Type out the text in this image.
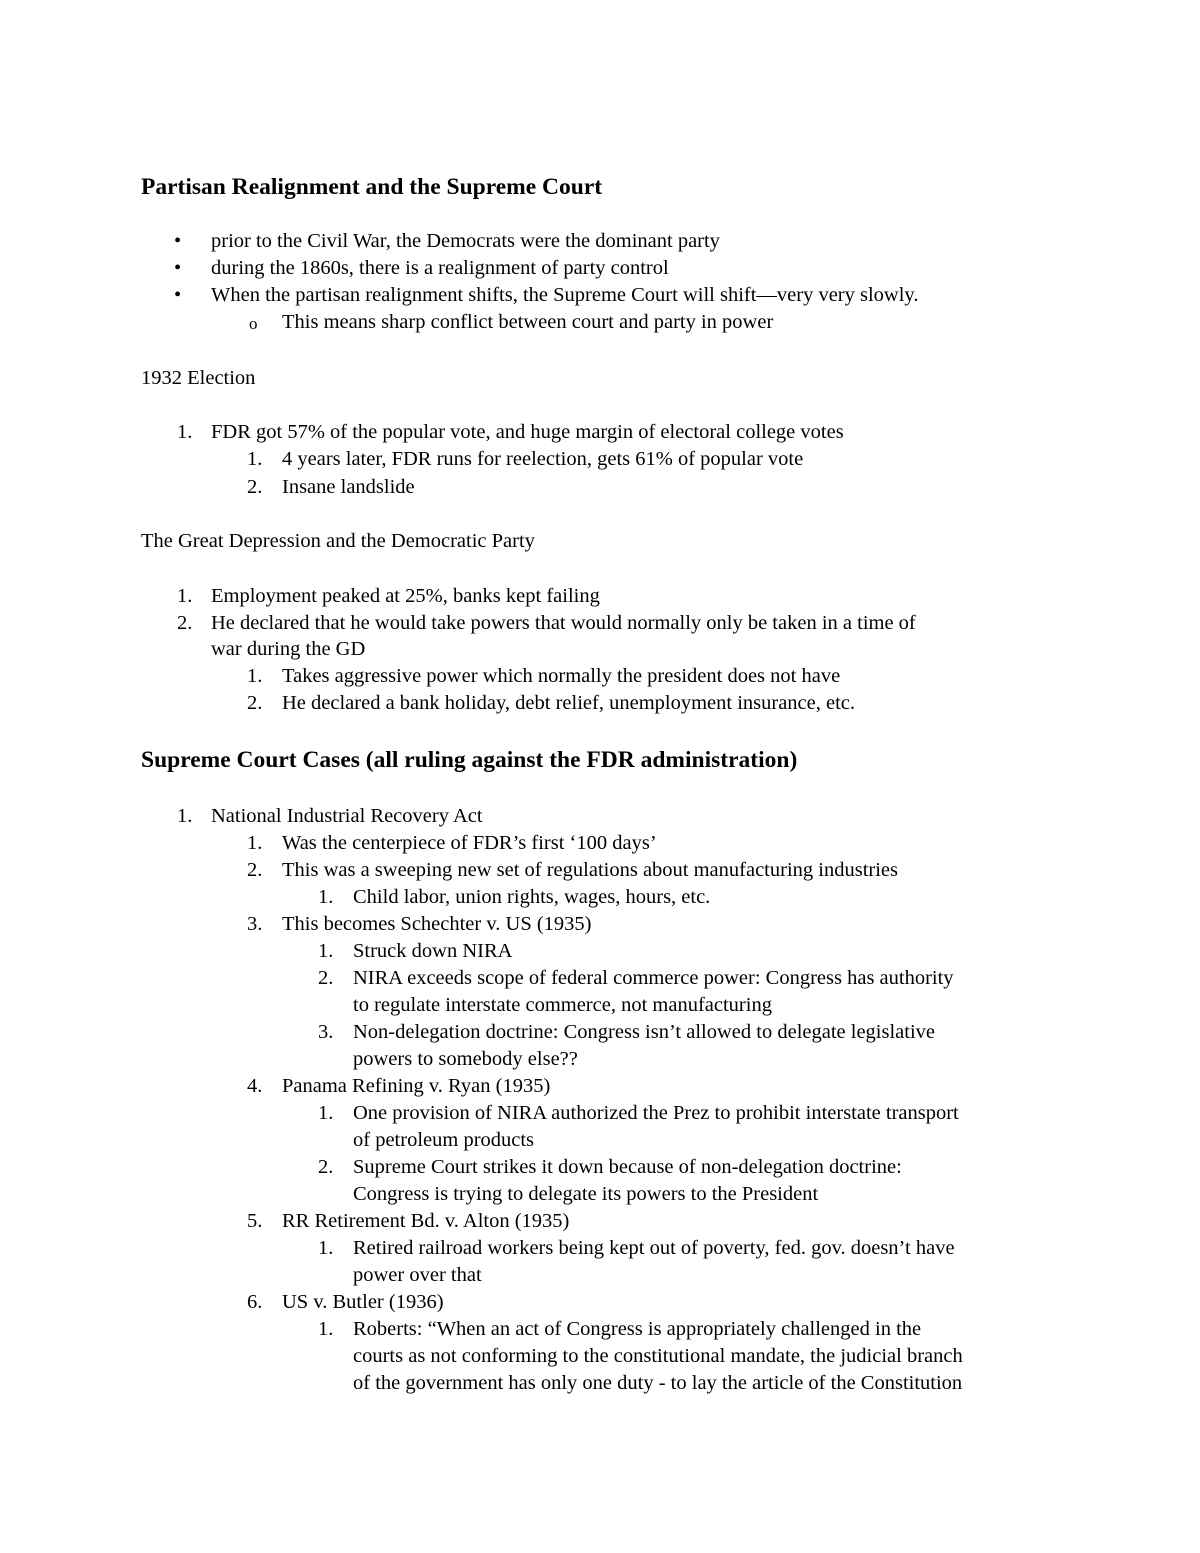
Partisan Realignment and the Supreme Court
• prior to the Civil War, the Democrats were the dominant party
• during the 1860s, there is a realignment of party control
• When the partisan realignment shifts, the Supreme Court will shift—very very slowly.
o This means sharp conflict between court and party in power
1932 Election
1. FDR got 57% of the popular vote, and huge margin of electoral college votes
1. 4 years later, FDR runs for reelection, gets 61% of popular vote
2. Insane landslide
The Great Depression and the Democratic Party
1. Employment peaked at 25%, banks kept failing
2. He declared that he would take powers that would normally only be taken in a time of
war during the GD
1. Takes aggressive power which normally the president does not have
2. He declared a bank holiday, debt relief, unemployment insurance, etc.
Supreme Court Cases (all ruling against the FDR administration)
1. National Industrial Recovery Act
1. Was the centerpiece of FDR’s first ‘100 days’
2. This was a sweeping new set of regulations about manufacturing industries
1. Child labor, union rights, wages, hours, etc.
3. This becomes Schechter v. US (1935)
1. Struck down NIRA
2. NIRA exceeds scope of federal commerce power: Congress has authority
to regulate interstate commerce, not manufacturing
3. Non-delegation doctrine: Congress isn’t allowed to delegate legislative
powers to somebody else??
4. Panama Refining v. Ryan (1935)
1. One provision of NIRA authorized the Prez to prohibit interstate transport
of petroleum products
2. Supreme Court strikes it down because of non-delegation doctrine:
Congress is trying to delegate its powers to the President
5. RR Retirement Bd. v. Alton (1935)
1. Retired railroad workers being kept out of poverty, fed. gov. doesn’t have
power over that
6. US v. Butler (1936)
1. Roberts: “When an act of Congress is appropriately challenged in the
courts as not conforming to the constitutional mandate, the judicial branch
of the government has only one duty - to lay the article of the Constitution
